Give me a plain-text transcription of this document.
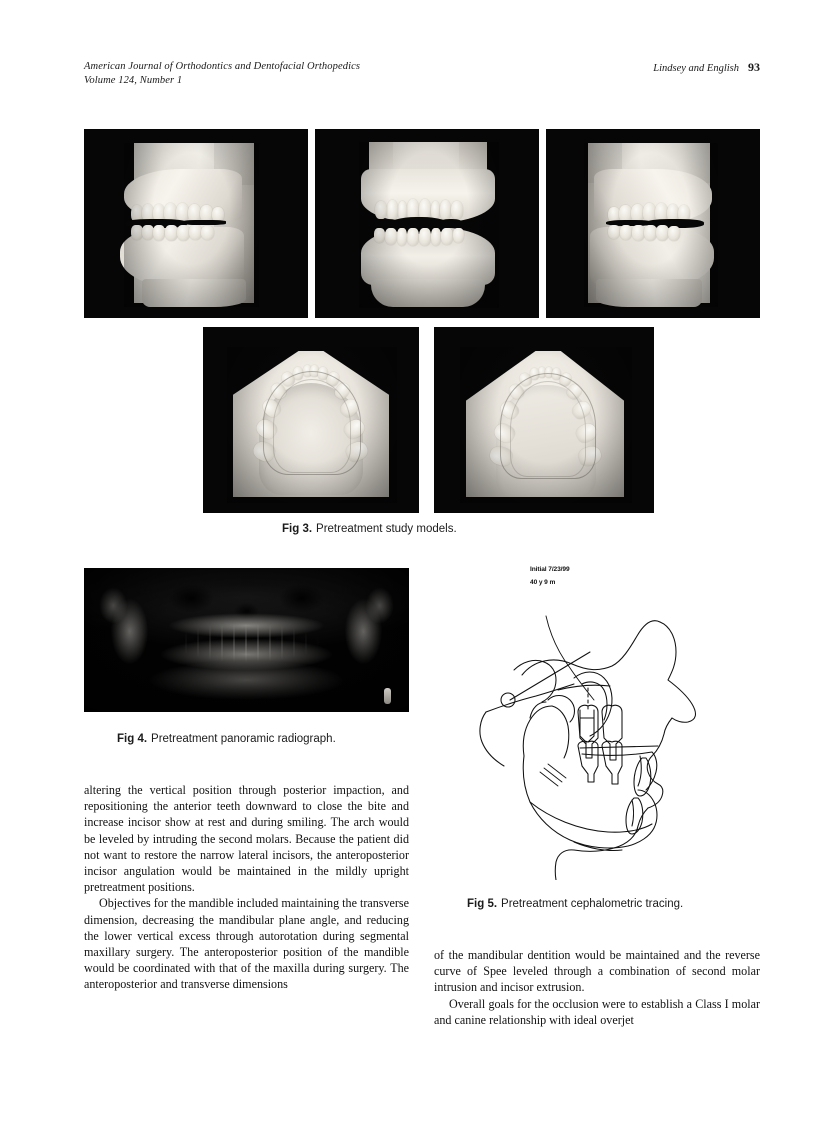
American Journal of Orthodontics and Dentofacial Orthopedics
Volume 124, Number 1
Lindsey and English 93
Fig 3. Pretreatment study models.
Fig 4. Pretreatment panoramic radiograph.
Initial 7/23/99
40 y 9 m
Fig 5. Pretreatment cephalometric tracing.

altering the vertical position through posterior impaction, and repositioning the anterior teeth downward to close the bite and increase incisor show at rest and during smiling. The arch would be leveled by intruding the second molars. Because the patient did not want to restore the narrow lateral incisors, the anteroposterior incisor angulation would be maintained in the mildly upright pretreatment positions.

Objectives for the mandible included maintaining the transverse dimension, decreasing the mandibular plane angle, and reducing the lower vertical excess through autorotation during segmental maxillary surgery. The anteroposterior position of the mandible would be coordinated with that of the maxilla during surgery. The anteroposterior and transverse dimensions

of the mandibular dentition would be maintained and the reverse curve of Spee leveled through a combination of second molar intrusion and incisor extrusion.

Overall goals for the occlusion were to establish a Class I molar and canine relationship with ideal overjet
